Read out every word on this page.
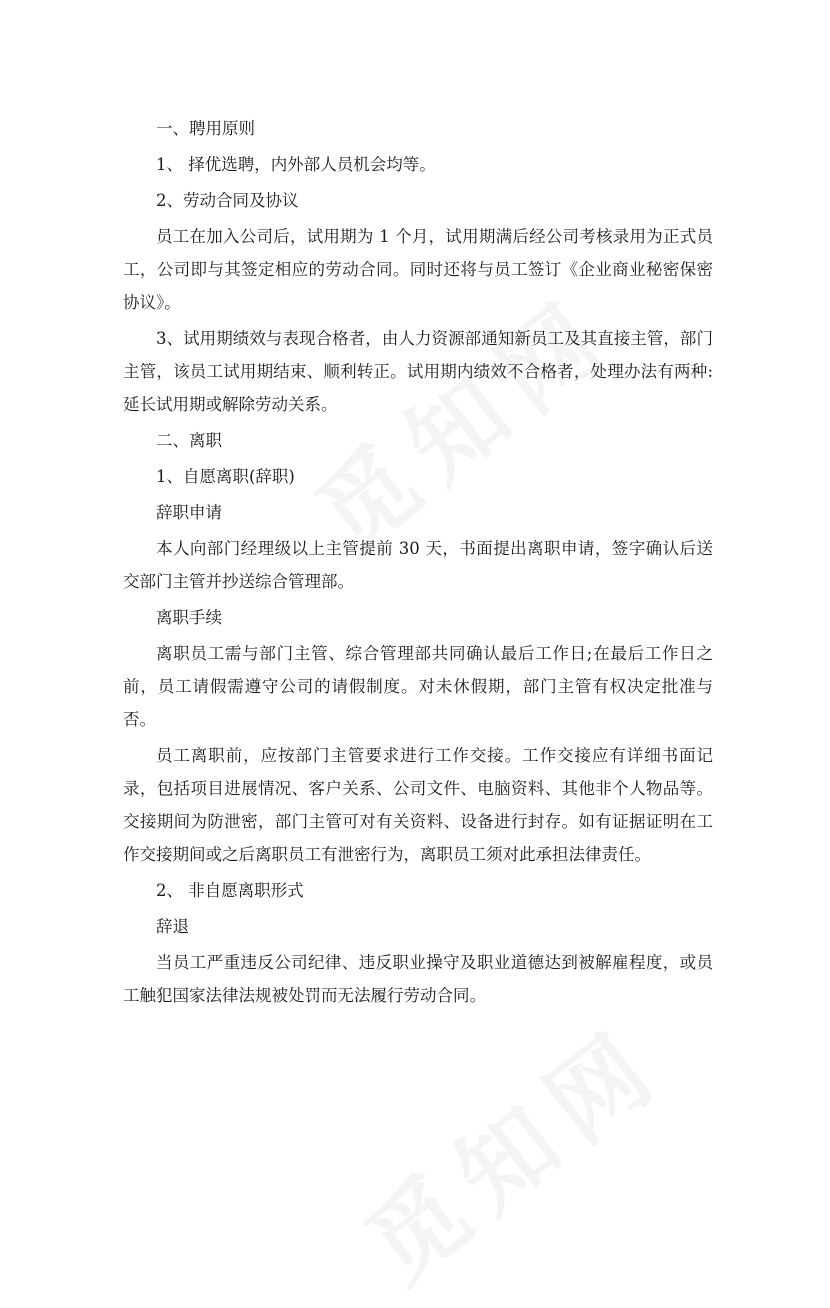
一、聘用原则

1、 择优选聘，内外部人员机会均等。

2、劳动合同及协议

员工在加入公司后，试用期为 1 个月，试用期满后经公司考核录用为正式员工，公司即与其签定相应的劳动合同。同时还将与员工签订《企业商业秘密保密协议》。

3、试用期绩效与表现合格者，由人力资源部通知新员工及其直接主管，部门主管，该员工试用期结束、顺利转正。试用期内绩效不合格者，处理办法有两种:延长试用期或解除劳动关系。

二、离职

1、自愿离职(辞职)

辞职申请

本人向部门经理级以上主管提前 30 天，书面提出离职申请，签字确认后送交部门主管并抄送综合管理部。

离职手续

离职员工需与部门主管、综合管理部共同确认最后工作日;在最后工作日之前，员工请假需遵守公司的请假制度。对未休假期，部门主管有权决定批准与否。

员工离职前，应按部门主管要求进行工作交接。工作交接应有详细书面记录，包括项目进展情况、客户关系、公司文件、电脑资料、其他非个人物品等。交接期间为防泄密，部门主管可对有关资料、设备进行封存。如有证据证明在工作交接期间或之后离职员工有泄密行为，离职员工须对此承担法律责任。

2、 非自愿离职形式

辞退

当员工严重违反公司纪律、违反职业操守及职业道德达到被解雇程度，或员工触犯国家法律法规被处罚而无法履行劳动合同。
